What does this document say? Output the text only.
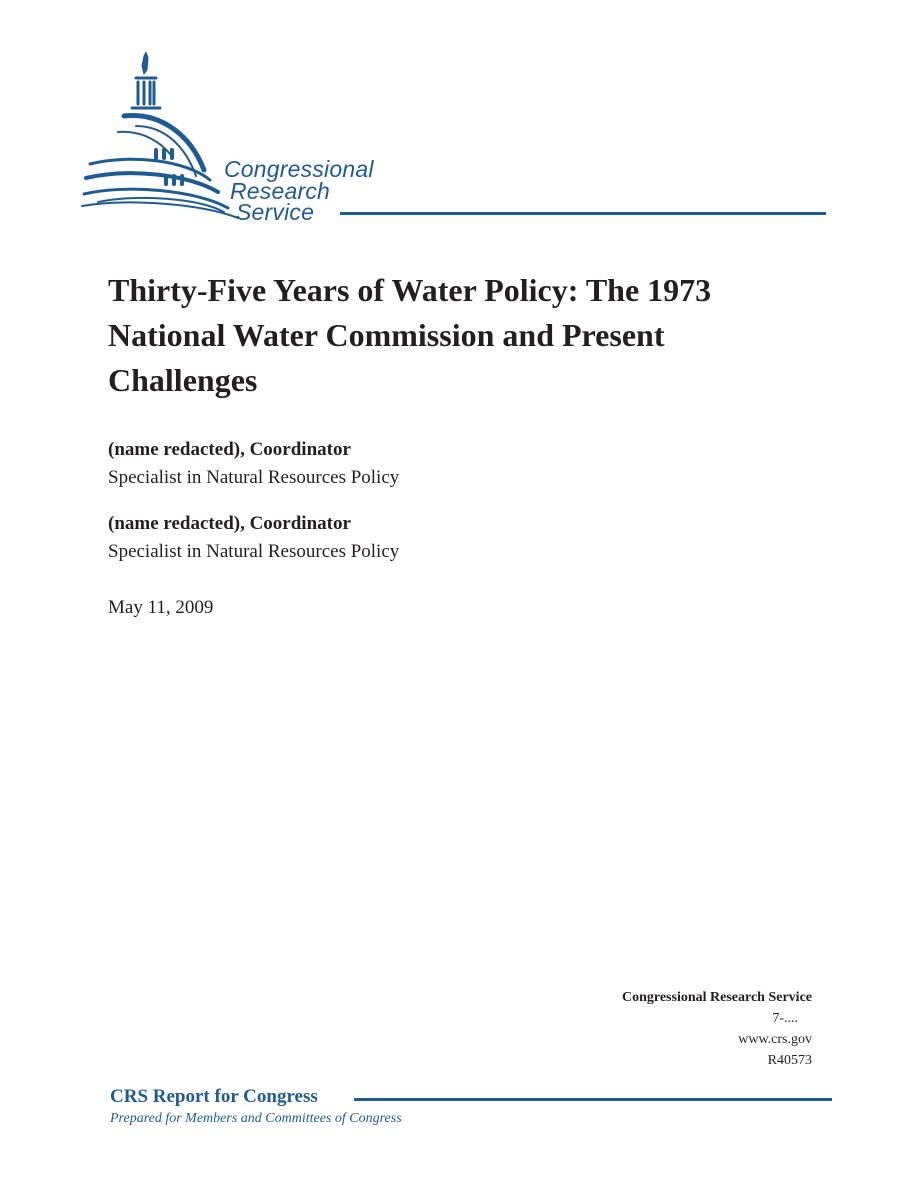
Congressional
Research
Service
Thirty-Five Years of Water Policy: The 1973 National Water Commission and Present Challenges
(name redacted), Coordinator
Specialist in Natural Resources Policy
(name redacted), Coordinator
Specialist in Natural Resources Policy
May 11, 2009
Congressional Research Service
7-....
www.crs.gov
R40573
CRS Report for Congress
Prepared for Members and Committees of Congress
